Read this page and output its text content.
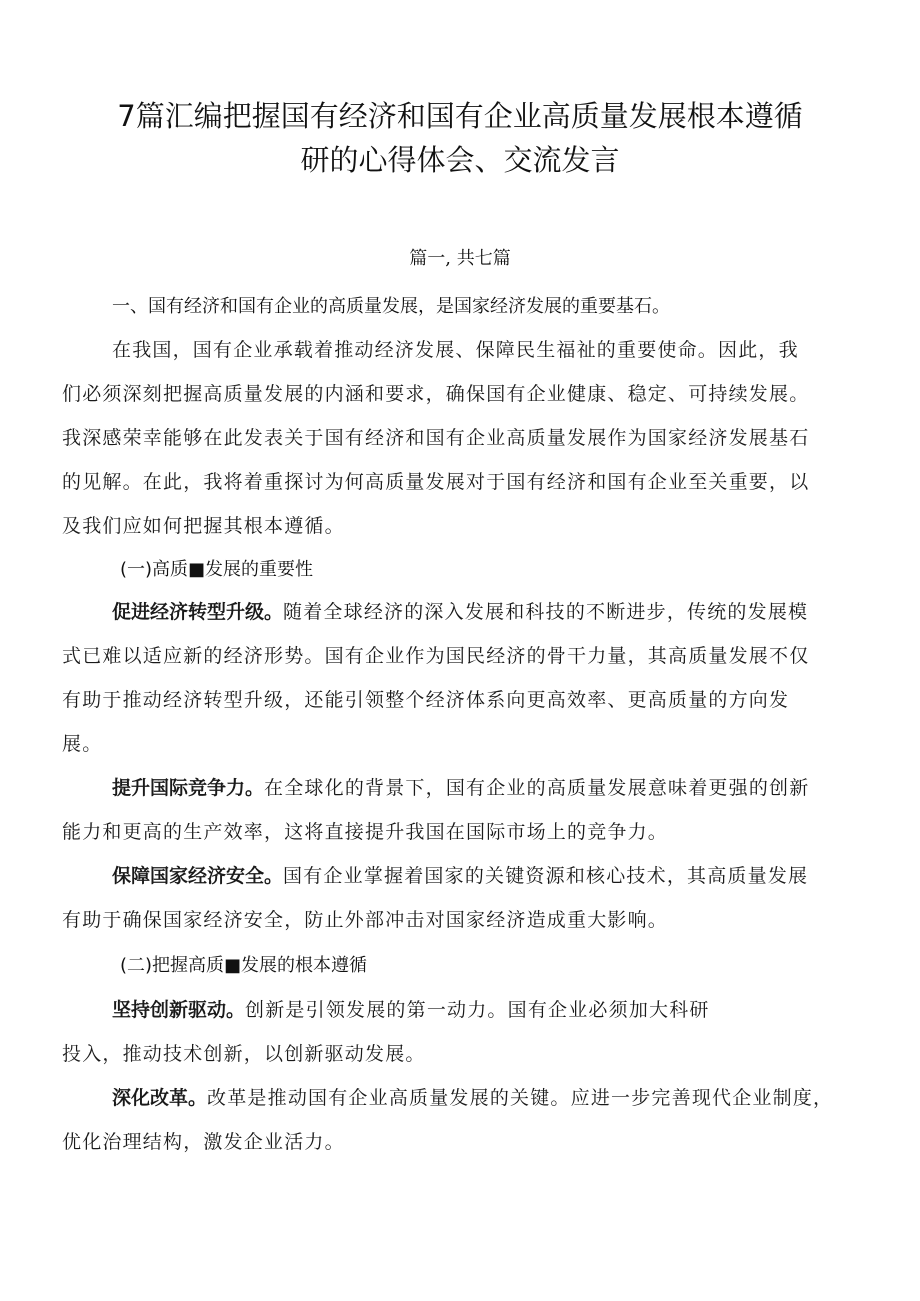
7篇汇编把握国有经济和国有企业高质量发展根本遵循
研的心得体会、交流发言
篇一, 共七篇
一、国有经济和国有企业的高质量发展，是国家经济发展的重要基石。
在我国，国有企业承载着推动经济发展、保障民生福祉的重要使命。因此，我
们必须深刻把握高质量发展的内涵和要求，确保国有企业健康、稳定、可持续发展。
我深感荣幸能够在此发表关于国有经济和国有企业高质量发展作为国家经济发展基石
的见解。在此，我将着重探讨为何高质量发展对于国有经济和国有企业至关重要，以
及我们应如何把握其根本遵循。
(一)高质■发展的重要性
促进经济转型升级。随着全球经济的深入发展和科技的不断进步，传统的发展模
式已难以适应新的经济形势。国有企业作为国民经济的骨干力量，其高质量发展不仅
有助于推动经济转型升级，还能引领整个经济体系向更高效率、更高质量的方向发
展。
提升国际竞争力。在全球化的背景下，国有企业的高质量发展意味着更强的创新
能力和更高的生产效率，这将直接提升我国在国际市场上的竞争力。
保障国家经济安全。国有企业掌握着国家的关键资源和核心技术，其高质量发展
有助于确保国家经济安全，防止外部冲击对国家经济造成重大影响。
(二)把握高质■发展的根本遵循
坚持创新驱动。创新是引领发展的第一动力。国有企业必须加大科研
投入，推动技术创新，以创新驱动发展。
深化改革。改革是推动国有企业高质量发展的关键。应进一步完善现代企业制度，
优化治理结构，激发企业活力。
